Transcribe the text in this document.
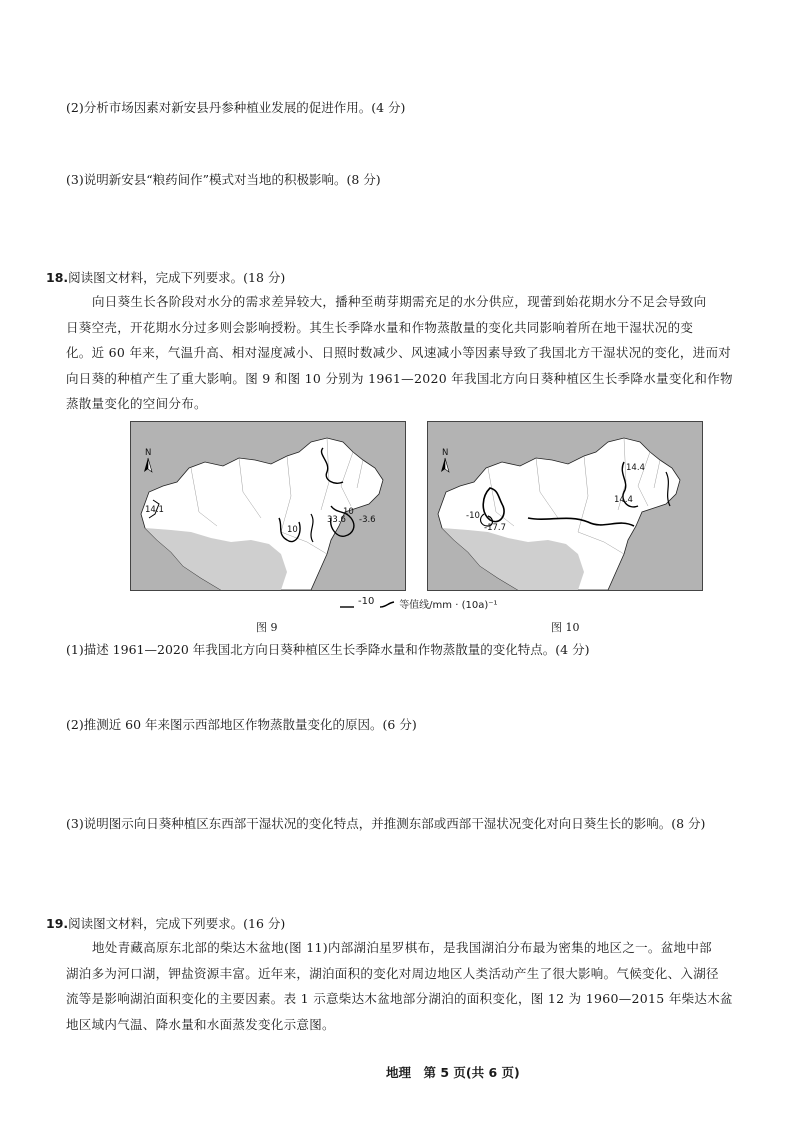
(2)分析市场因素对新安县丹参种植业发展的促进作用。(4 分)
(3)说明新安县“粮药间作”模式对当地的积极影响。(8 分)
18.阅读图文材料，完成下列要求。(18 分)
向日葵生长各阶段对水分的需求差异较大，播种至萌芽期需充足的水分供应，现蕾到始花期水分不足会导致向
日葵空壳，开花期水分过多则会影响授粉。其生长季降水量和作物蒸散量的变化共同影响着所在地干湿状况的变
化。近 60 年来，气温升高、相对湿度减小、日照时数减少、风速减小等因素导致了我国北方干湿状况的变化，进而对
向日葵的种植产生了重大影响。图 9 和图 10 分别为 1961—2020 年我国北方向日葵种植区生长季降水量变化和作物
蒸散量变化的空间分布。
N
14.1
10
33.6
10
-3.6
N
14.4
14.4
-10
-17.7

-10 等值线/mm · (10a)⁻¹
图 9	图 10
(1)描述 1961—2020 年我国北方向日葵种植区生长季降水量和作物蒸散量的变化特点。(4 分)
(2)推测近 60 年来图示西部地区作物蒸散量变化的原因。(6 分)
(3)说明图示向日葵种植区东西部干湿状况的变化特点，并推测东部或西部干湿状况变化对向日葵生长的影响。(8 分)
19.阅读图文材料，完成下列要求。(16 分)
地处青藏高原东北部的柴达木盆地(图 11)内部湖泊星罗棋布，是我国湖泊分布最为密集的地区之一。盆地中部
湖泊多为河口湖，钾盐资源丰富。近年来，湖泊面积的变化对周边地区人类活动产生了很大影响。气候变化、入湖径
流等是影响湖泊面积变化的主要因素。表 1 示意柴达木盆地部分湖泊的面积变化，图 12 为 1960—2015 年柴达木盆
地区域内气温、降水量和水面蒸发变化示意图。
地理　第 5 页(共 6 页)
